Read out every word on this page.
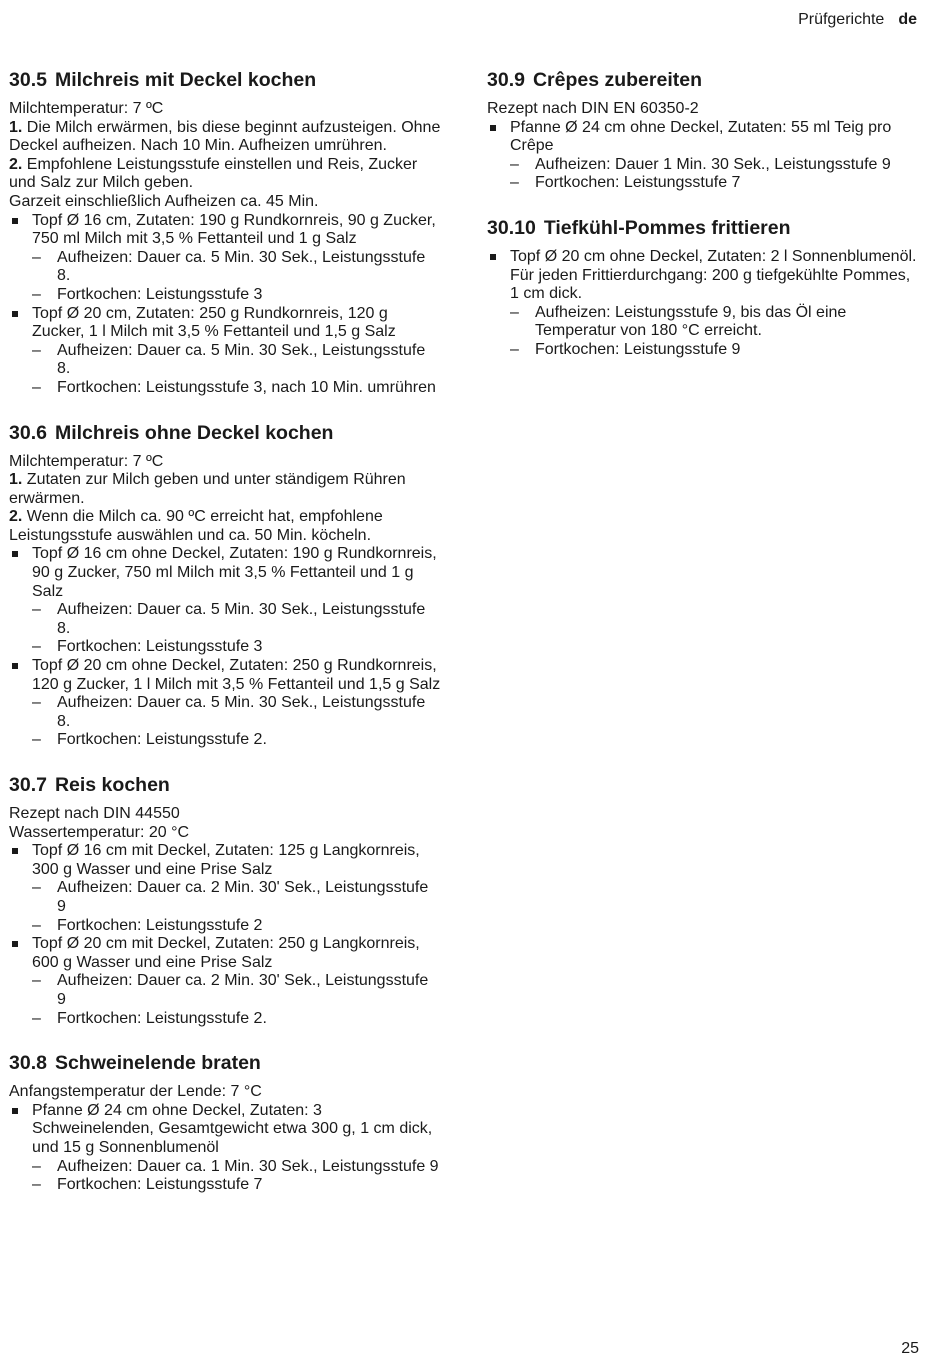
Prüfgerichte de
30.5 Milchreis mit Deckel kochen
Milchtemperatur: 7 ºC
1. Die Milch erwärmen, bis diese beginnt aufzusteigen. Ohne Deckel aufheizen. Nach 10 Min. Aufheizen umrühren.
2. Empfohlene Leistungsstufe einstellen und Reis, Zucker und Salz zur Milch geben.
Garzeit einschließlich Aufheizen ca. 45 Min.
Topf Ø 16 cm, Zutaten: 190 g Rundkornreis, 90 g Zucker, 750 ml Milch mit 3,5 % Fettanteil und 1 g Salz
– Aufheizen: Dauer ca. 5 Min. 30 Sek., Leistungsstufe 8.
– Fortkochen: Leistungsstufe 3
Topf Ø 20 cm, Zutaten: 250 g Rundkornreis, 120 g Zucker, 1 l Milch mit 3,5 % Fettanteil und 1,5 g Salz
– Aufheizen: Dauer ca. 5 Min. 30 Sek., Leistungsstufe 8.
– Fortkochen: Leistungsstufe 3, nach 10 Min. umrühren
30.6 Milchreis ohne Deckel kochen
Milchtemperatur: 7 ºC
1. Zutaten zur Milch geben und unter ständigem Rühren erwärmen.
2. Wenn die Milch ca. 90 ºC erreicht hat, empfohlene Leistungsstufe auswählen und ca. 50 Min. köcheln.
Topf Ø 16 cm ohne Deckel, Zutaten: 190 g Rundkornreis, 90 g Zucker, 750 ml Milch mit 3,5 % Fettanteil und 1 g Salz
– Aufheizen: Dauer ca. 5 Min. 30 Sek., Leistungsstufe 8.
– Fortkochen: Leistungsstufe 3
Topf Ø 20 cm ohne Deckel, Zutaten: 250 g Rundkornreis, 120 g Zucker, 1 l Milch mit 3,5 % Fettanteil und 1,5 g Salz
– Aufheizen: Dauer ca. 5 Min. 30 Sek., Leistungsstufe 8.
– Fortkochen: Leistungsstufe 2.
30.7 Reis kochen
Rezept nach DIN 44550
Wassertemperatur: 20 °C
Topf Ø 16 cm mit Deckel, Zutaten: 125 g Langkornreis, 300 g Wasser und eine Prise Salz
– Aufheizen: Dauer ca. 2 Min. 30' Sek., Leistungsstufe 9
– Fortkochen: Leistungsstufe 2
Topf Ø 20 cm mit Deckel, Zutaten: 250 g Langkornreis, 600 g Wasser und eine Prise Salz
– Aufheizen: Dauer ca. 2 Min. 30' Sek., Leistungsstufe 9
– Fortkochen: Leistungsstufe 2.
30.8 Schweinelende braten
Anfangstemperatur der Lende: 7 °C
Pfanne Ø 24 cm ohne Deckel, Zutaten: 3 Schweinelenden, Gesamtgewicht etwa 300 g, 1 cm dick, und 15 g Sonnenblumenöl
– Aufheizen: Dauer ca. 1 Min. 30 Sek., Leistungsstufe 9
– Fortkochen: Leistungsstufe 7
30.9 Crêpes zubereiten
Rezept nach DIN EN 60350-2
Pfanne Ø 24 cm ohne Deckel, Zutaten: 55 ml Teig pro Crêpe
– Aufheizen: Dauer 1 Min. 30 Sek., Leistungsstufe 9
– Fortkochen: Leistungsstufe 7
30.10 Tiefkühl-Pommes frittieren
Topf Ø 20 cm ohne Deckel, Zutaten: 2 l Sonnenblumenöl. Für jeden Frittierdurchgang: 200 g tiefgekühlte Pommes, 1 cm dick.
– Aufheizen: Leistungsstufe 9, bis das Öl eine Temperatur von 180 °C erreicht.
– Fortkochen: Leistungsstufe 9
25
